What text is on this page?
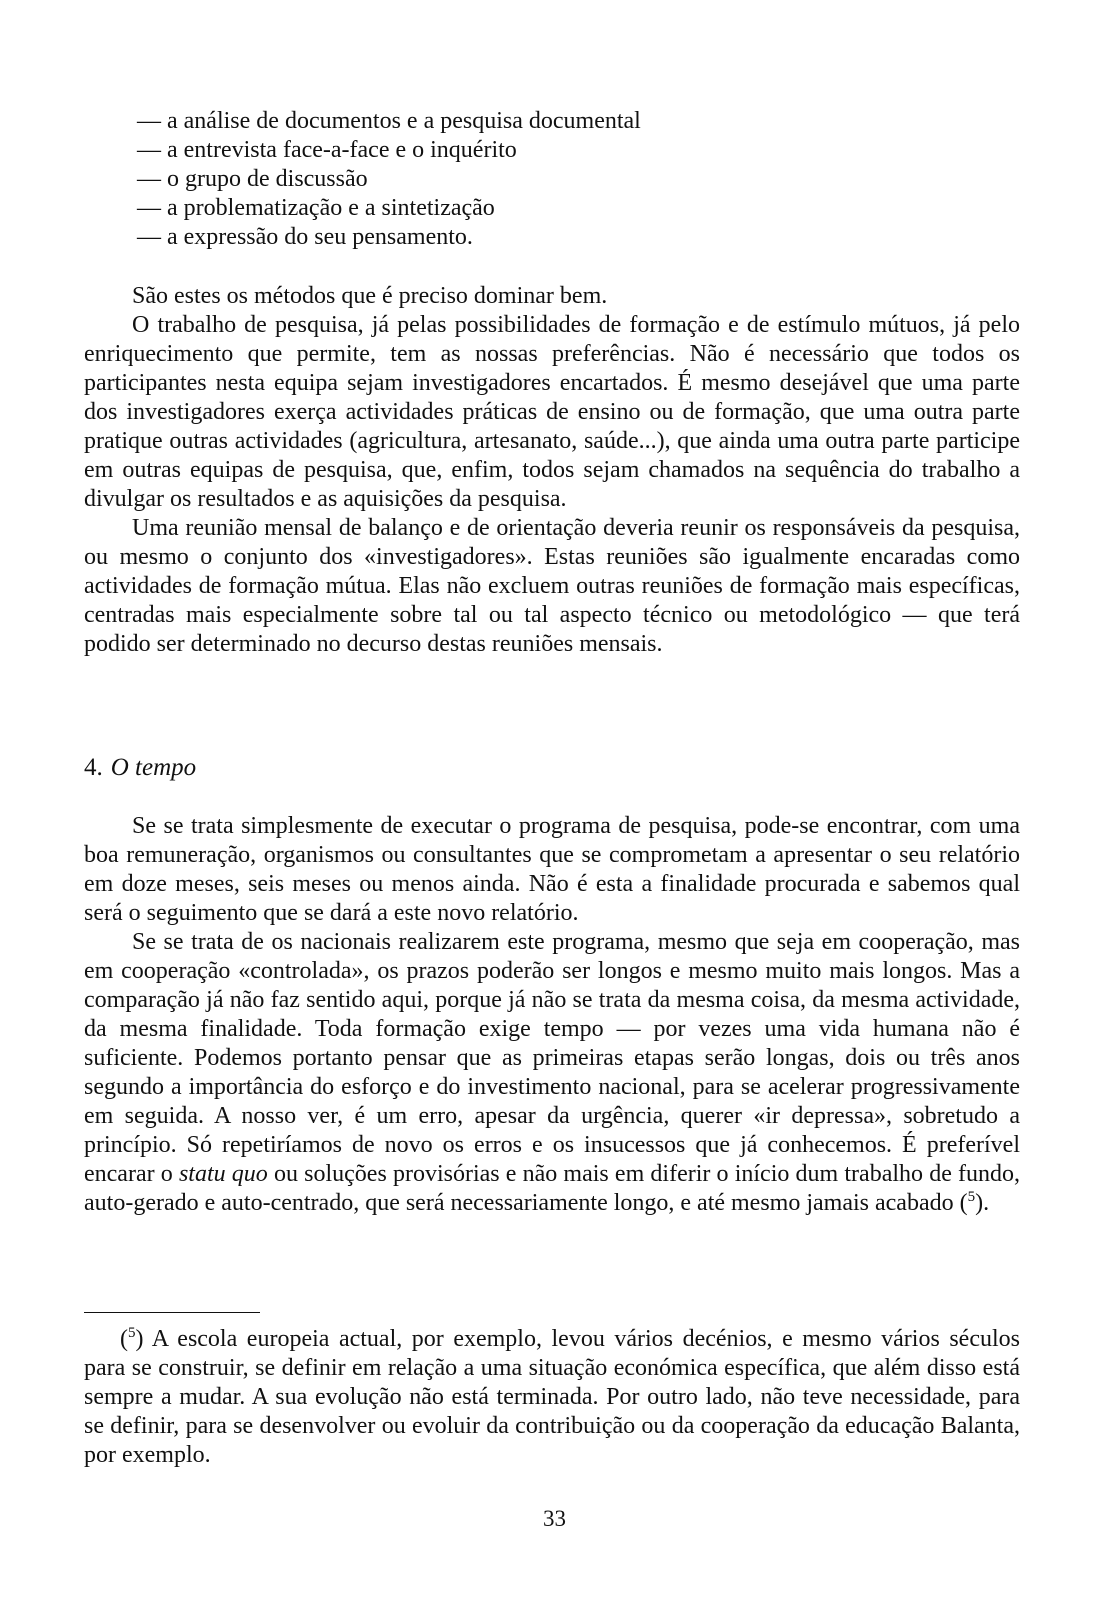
— a análise de documentos e a pesquisa documental
— a entrevista face-a-face e o inquérito
— o grupo de discussão
— a problematização e a sintetização
— a expressão do seu pensamento.

São estes os métodos que é preciso dominar bem.

O trabalho de pesquisa, já pelas possibilidades de formação e de estímulo mútuos, já pelo enriquecimento que permite, tem as nossas preferências. Não é necessário que todos os participantes nesta equipa sejam investigadores encartados. É mesmo desejável que uma parte dos investigadores exerça actividades práticas de ensino ou de formação, que uma outra parte pratique outras actividades (agricultura, artesanato, saúde...), que ainda uma outra parte participe em outras equipas de pesquisa, que, enfim, todos sejam chamados na sequência do trabalho a divulgar os resultados e as aquisições da pesquisa.

Uma reunião mensal de balanço e de orientação deveria reunir os responsáveis da pesquisa, ou mesmo o conjunto dos «investigadores». Estas reuniões são igualmente encaradas como actividades de formação mútua. Elas não excluem outras reuniões de formação mais específicas, centradas mais especialmente sobre tal ou tal aspecto técnico ou metodológico — que terá podido ser determinado no decurso destas reuniões mensais.

4. O tempo

Se se trata simplesmente de executar o programa de pesquisa, pode-se encontrar, com uma boa remuneração, organismos ou consultantes que se comprometam a apresentar o seu relatório em doze meses, seis meses ou menos ainda. Não é esta a finalidade procurada e sabemos qual será o seguimento que se dará a este novo relatório.

Se se trata de os nacionais realizarem este programa, mesmo que seja em cooperação, mas em cooperação «controlada», os prazos poderão ser longos e mesmo muito mais longos. Mas a comparação já não faz sentido aqui, porque já não se trata da mesma coisa, da mesma actividade, da mesma finalidade. Toda formação exige tempo — por vezes uma vida humana não é suficiente. Podemos portanto pensar que as primeiras etapas serão longas, dois ou três anos segundo a importância do esforço e do investimento nacional, para se acelerar progressivamente em seguida. A nosso ver, é um erro, apesar da urgência, querer «ir depressa», sobretudo a princípio. Só repetiríamos de novo os erros e os insucessos que já conhecemos. É preferível encarar o statu quo ou soluções provisórias e não mais em diferir o início dum trabalho de fundo, auto-gerado e auto-centrado, que será necessariamente longo, e até mesmo jamais acabado ($^5$).

($^5$) A escola europeia actual, por exemplo, levou vários decénios, e mesmo vários séculos para se construir, se definir em relação a uma situação económica específica, que além disso está sempre a mudar. A sua evolução não está terminada. Por outro lado, não teve necessidade, para se definir, para se desenvolver ou evoluir da contribuição ou da cooperação da educação Balanta, por exemplo.

33
